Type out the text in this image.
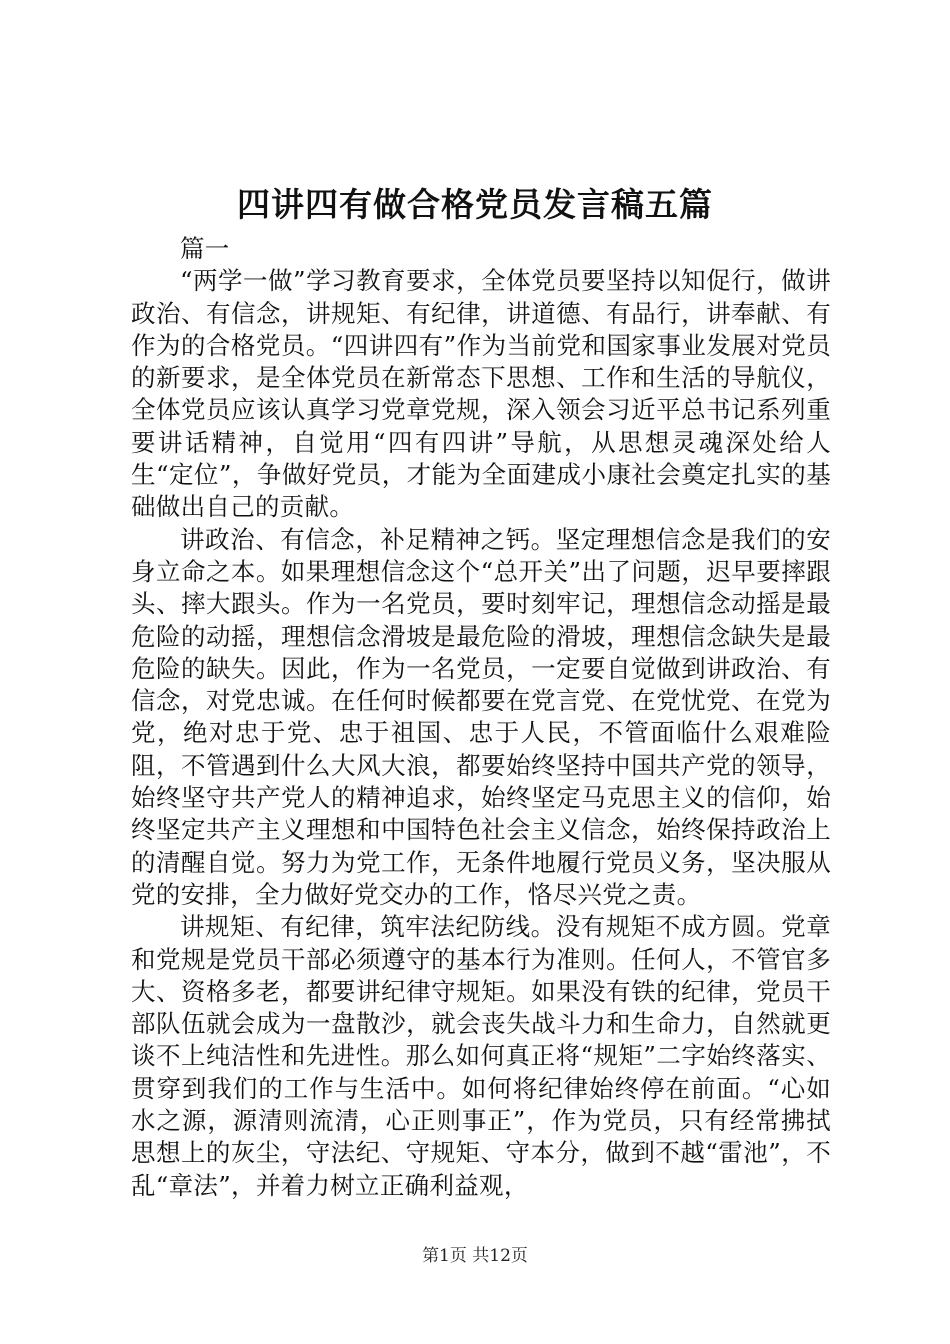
四讲四有做合格党员发言稿五篇

篇一

“两学一做”学习教育要求，全体党员要坚持以知促行，做讲政治、有信念，讲规矩、有纪律，讲道德、有品行，讲奉献、有作为的合格党员。“四讲四有”作为当前党和国家事业发展对党员的新要求，是全体党员在新常态下思想、工作和生活的导航仪，全体党员应该认真学习党章党规，深入领会习近平总书记系列重要讲话精神，自觉用“四有四讲”导航，从思想灵魂深处给人生“定位”，争做好党员，才能为全面建成小康社会奠定扎实的基础做出自己的贡献。

讲政治、有信念，补足精神之钙。坚定理想信念是我们的安身立命之本。如果理想信念这个“总开关”出了问题，迟早要摔跟头、摔大跟头。作为一名党员，要时刻牢记，理想信念动摇是最危险的动摇，理想信念滑坡是最危险的滑坡，理想信念缺失是最危险的缺失。因此，作为一名党员，一定要自觉做到讲政治、有信念，对党忠诚。在任何时候都要在党言党、在党忧党、在党为党，绝对忠于党、忠于祖国、忠于人民，不管面临什么艰难险阻，不管遇到什么大风大浪，都要始终坚持中国共产党的领导，始终坚守共产党人的精神追求，始终坚定马克思主义的信仰，始终坚定共产主义理想和中国特色社会主义信念，始终保持政治上的清醒自觉。努力为党工作，无条件地履行党员义务，坚决服从党的安排，全力做好党交办的工作，恪尽兴党之责。

讲规矩、有纪律，筑牢法纪防线。没有规矩不成方圆。党章和党规是党员干部必须遵守的基本行为准则。任何人，不管官多大、资格多老，都要讲纪律守规矩。如果没有铁的纪律，党员干部队伍就会成为一盘散沙，就会丧失战斗力和生命力，自然就更谈不上纯洁性和先进性。那么如何真正将“规矩”二字始终落实、贯穿到我们的工作与生活中。如何将纪律始终停在前面。“心如水之源，源清则流清，心正则事正”，作为党员，只有经常拂拭思想上的灰尘，守法纪、守规矩、守本分，做到不越“雷池”，不乱“章法”，并着力树立正确利益观，

第1页 共12页
